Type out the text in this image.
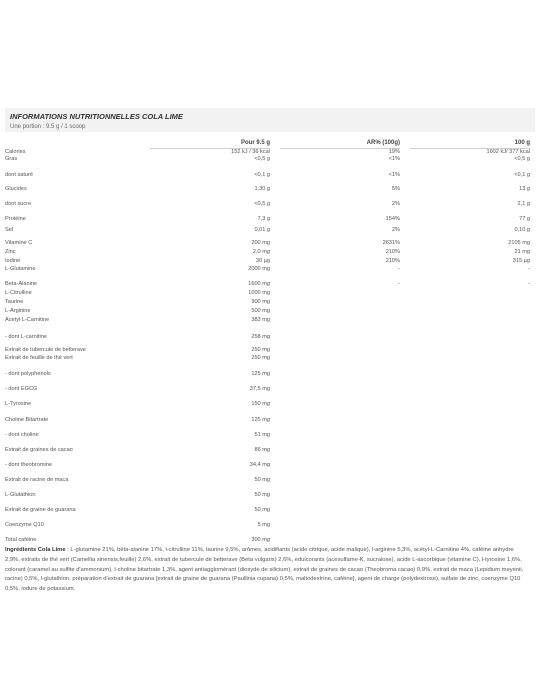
INFORMATIONS NUTRITIONNELLES COLA LIME
Une portion : 9.5 g / 1 scoop
Pour 9.5 g	AR% (100g)	100 g
Calories	152 kJ / 36 kcal	19%	1602 kJ/ 377 kcal
Gras	<0,5 g	<1%	<0,5 g
dont saturé	<0,1 g	<1%	<0,1 g
Glucides	1,30 g	5%	13 g
dont sucre	<0,5 g	2%	2,1 g
Protéine	7,3 g	154%	77 g
Sel	0,01 g	2%	0,10 g
Vitamine C	200 mg	2631%	2105 mg
Zinc	2,0 mg	210%	21 mg
Iodine	30 µg	210%	315 µg
L-Glutamine	2000 mg	-	-
Beta-Alanine	1600 mg	-	-
L-Citrulline	1000 mg
Taurine	900 mg
L-Arginine	500 mg
Acetyl L-Carnitine	383 mg
- dont L-carnitine	258 mg
Extrait de tubercule de betterave	250 mg
Extrait de feuille de thé vert	250 mg
- dont polyphenols	125 mg
- dont EGCG	37,5 mg
L-Tyrosine	150 mg
Choline Bitartrate	125 mg
- dont choline	51 mg
Extrait de graines de cacao	86 mg
- dont theobromine	34,4 mg
Extrait de racine de maca	50 mg
L-Glutathion	50 mg
Extrait de graine de guarana	50 mg
Coenzyme Q10	5 mg
Total caféine	300 mg
Ingrédients Cola Lime : L-glutamine 21%, bêta-alanine 17%, l-citrulline 11%, taurine 9,5%, arômes, acidifiants (acide citrique, acide malique), l-arginine 5,3%, acétyl-L-Carnitine 4%, caféine anhydre 2,9%, extraits de thé vert (Camellia sinensis,feuille) 2,6%, extrait de tubercule de betterave (Beta vulgaris) 2,6%, edulcorants (acesulfame-K, sucralose), acide L-ascorbique (vitamine C), l-tyrosine 1,6%, colorant (caramel au sulfite d'ammonium), l-choline bitartrate 1,3%, agent antiagglomérant (dioxyde de silicium), extrait de graines de cacao (Theobroma cacao) 0,9%, extrait de maca (Lepidium meyenii, racine) 0,5%, l-glutathion, préparation d'extrait de guarana [extrait de graine de guarana (Paullinia cupana) 0,5%, maltodextrine, caféine], agent de charge (polydextrose), sulfate de zinc, coenzyme Q10 0,5%, iodure de potassium.
